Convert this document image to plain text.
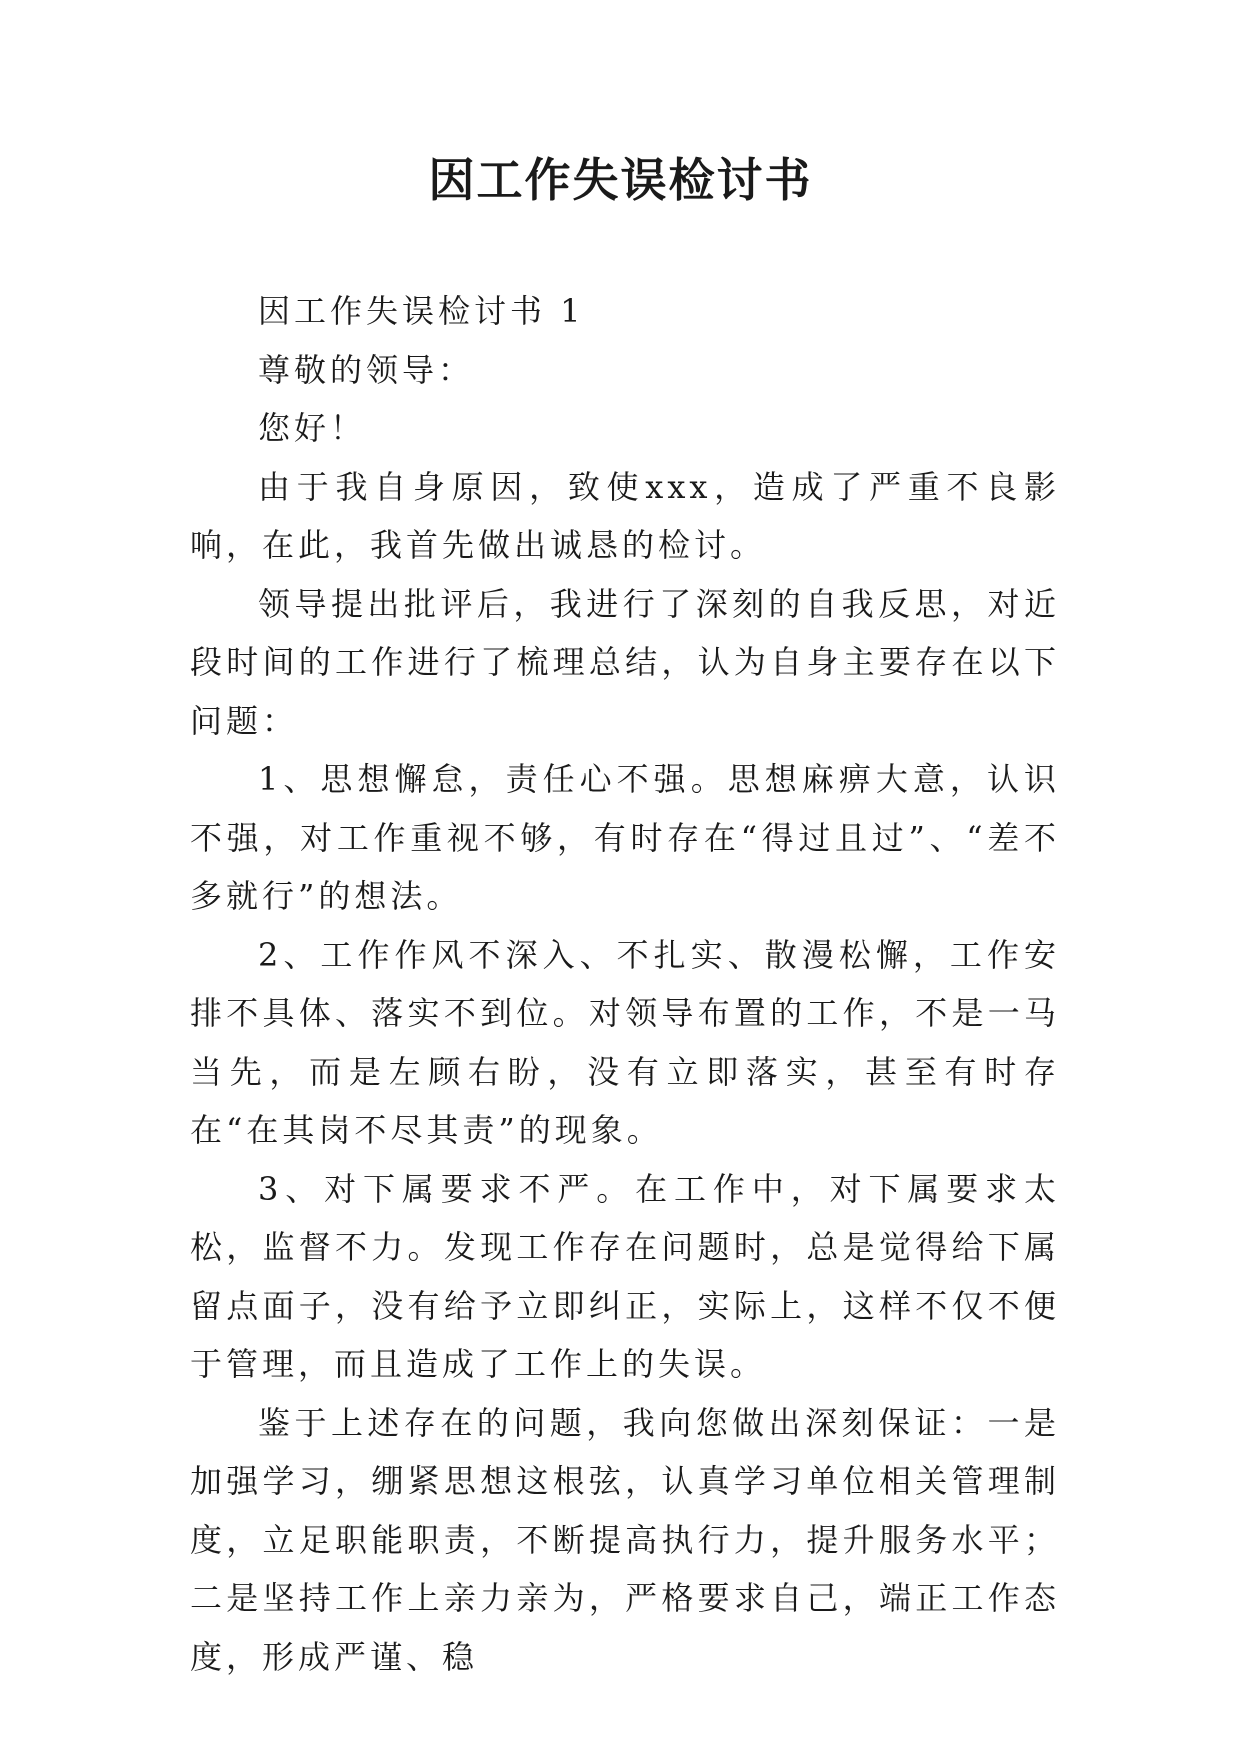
因工作失误检讨书

因工作失误检讨书 1

尊敬的领导：

您好！

由于我自身原因，致使xxx，造成了严重不良影响，在此，我首先做出诚恳的检讨。

领导提出批评后，我进行了深刻的自我反思，对近段时间的工作进行了梳理总结，认为自身主要存在以下问题：

1、思想懈怠，责任心不强。思想麻痹大意，认识不强，对工作重视不够，有时存在“得过且过”、“差不多就行”的想法。

2、工作作风不深入、不扎实、散漫松懈，工作安排不具体、落实不到位。对领导布置的工作，不是一马当先，而是左顾右盼，没有立即落实，甚至有时存在“在其岗不尽其责”的现象。

3、对下属要求不严。在工作中，对下属要求太松，监督不力。发现工作存在问题时，总是觉得给下属留点面子，没有给予立即纠正，实际上，这样不仅不便于管理，而且造成了工作上的失误。

鉴于上述存在的问题，我向您做出深刻保证：一是加强学习，绷紧思想这根弦，认真学习单位相关管理制度，立足职能职责，不断提高执行力，提升服务水平；二是坚持工作上亲力亲为，严格要求自己，端正工作态度，形成严谨、稳
